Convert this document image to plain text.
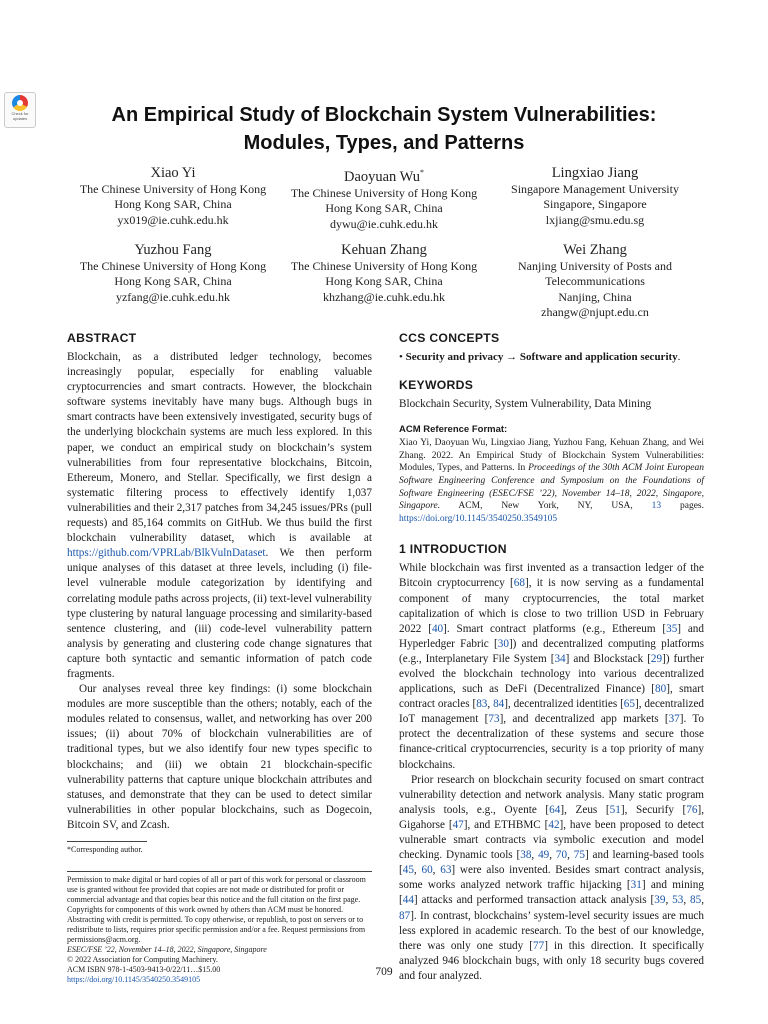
Check for
updates	An Empirical Study of Blockchain System Vulnerabilities:
Modules, Types, and Patterns
Xiao Yi
The Chinese University of Hong Kong
Hong Kong SAR, China
yx019@ie.cuhk.edu.hk
Daoyuan Wu*
The Chinese University of Hong Kong
Hong Kong SAR, China
dywu@ie.cuhk.edu.hk
Lingxiao Jiang
Singapore Management University
Singapore, Singapore
lxjiang@smu.edu.sg
Yuzhou Fang
The Chinese University of Hong Kong
Hong Kong SAR, China
yzfang@ie.cuhk.edu.hk
Kehuan Zhang
The Chinese University of Hong Kong
Hong Kong SAR, China
khzhang@ie.cuhk.edu.hk
Wei Zhang
Nanjing University of Posts and
Telecommunications
Nanjing, China
zhangw@njupt.edu.cn
ABSTRACT

Blockchain, as a distributed ledger technology, becomes increasingly popular, especially for enabling valuable cryptocurrencies and smart contracts. However, the blockchain software systems inevitably have many bugs. Although bugs in smart contracts have been extensively investigated, security bugs of the underlying blockchain systems are much less explored. In this paper, we conduct an empirical study on blockchain’s system vulnerabilities from four representative blockchains, Bitcoin, Ethereum, Monero, and Stellar. Specifically, we first design a systematic filtering process to effectively identify 1,037 vulnerabilities and their 2,317 patches from 34,245 issues/PRs (pull requests) and 85,164 commits on GitHub. We thus build the first blockchain vulnerability dataset, which is available at https://github.com/VPRLab/BlkVulnDataset. We then perform unique analyses of this dataset at three levels, including (i) file-level vulnerable module categorization by identifying and correlating module paths across projects, (ii) text-level vulnerability type clustering by natural language processing and similarity-based sentence clustering, and (iii) code-level vulnerability pattern analysis by generating and clustering code change signatures that capture both syntactic and semantic information of patch code fragments.

Our analyses reveal three key findings: (i) some blockchain modules are more susceptible than the others; notably, each of the modules related to consensus, wallet, and networking has over 200 issues; (ii) about 70% of blockchain vulnerabilities are of traditional types, but we also identify four new types specific to blockchains; and (iii) we obtain 21 blockchain-specific vulnerability patterns that capture unique blockchain attributes and statuses, and demonstrate that they can be used to detect similar vulnerabilities in other popular blockchains, such as Dogecoin, Bitcoin SV, and Zcash.

*Corresponding author.
Permission to make digital or hard copies of all or part of this work for personal or classroom use is granted without fee provided that copies are not made or distributed for profit or commercial advantage and that copies bear this notice and the full citation on the first page. Copyrights for components of this work owned by others than ACM must be honored. Abstracting with credit is permitted. To copy otherwise, or republish, to post on servers or to redistribute to lists, requires prior specific permission and/or a fee. Request permissions from permissions@acm.org.
ESEC/FSE ’22, November 14–18, 2022, Singapore, Singapore
© 2022 Association for Computing Machinery.
ACM ISBN 978-1-4503-9413-0/22/11…$15.00
https://doi.org/10.1145/3540250.3549105
CCS CONCEPTS

• Security and privacy → Software and application security.

KEYWORDS

Blockchain Security, System Vulnerability, Data Mining

ACM Reference Format:

Xiao Yi, Daoyuan Wu, Lingxiao Jiang, Yuzhou Fang, Kehuan Zhang, and Wei Zhang. 2022. An Empirical Study of Blockchain System Vulnerabilities: Modules, Types, and Patterns. In Proceedings of the 30th ACM Joint European Software Engineering Conference and Symposium on the Foundations of Software Engineering (ESEC/FSE ’22), November 14–18, 2022, Singapore, Singapore. ACM, New York, NY, USA, 13 pages. https://doi.org/10.1145/3540250.3549105

1 INTRODUCTION

While blockchain was first invented as a transaction ledger of the Bitcoin cryptocurrency [68], it is now serving as a fundamental component of many cryptocurrencies, the total market capitalization of which is close to two trillion USD in February 2022 [40]. Smart contract platforms (e.g., Ethereum [35] and Hyperledger Fabric [30]) and decentralized computing platforms (e.g., Interplanetary File System [34] and Blockstack [29]) further evolved the blockchain technology into various decentralized applications, such as DeFi (Decentralized Finance) [80], smart contract oracles [83, 84], decentralized identities [65], decentralized IoT management [73], and decentralized app markets [37]. To protect the decentralization of these systems and secure those finance-critical cryptocurrencies, security is a top priority of many blockchains.

Prior research on blockchain security focused on smart contract vulnerability detection and network analysis. Many static program analysis tools, e.g., Oyente [64], Zeus [51], Securify [76], Gigahorse [47], and ETHBMC [42], have been proposed to detect vulnerable smart contracts via symbolic execution and model checking. Dynamic tools [38, 49, 70, 75] and learning-based tools [45, 60, 63] were also invented. Besides smart contract analysis, some works analyzed network traffic hijacking [31] and mining [44] attacks and performed transaction attack analysis [39, 53, 85, 87]. In contrast, blockchains’ system-level security issues are much less explored in academic research. To the best of our knowledge, there was only one study [77] in this direction. It specifically analyzed 946 blockchain bugs, with only 18 security bugs covered and four analyzed.

709
